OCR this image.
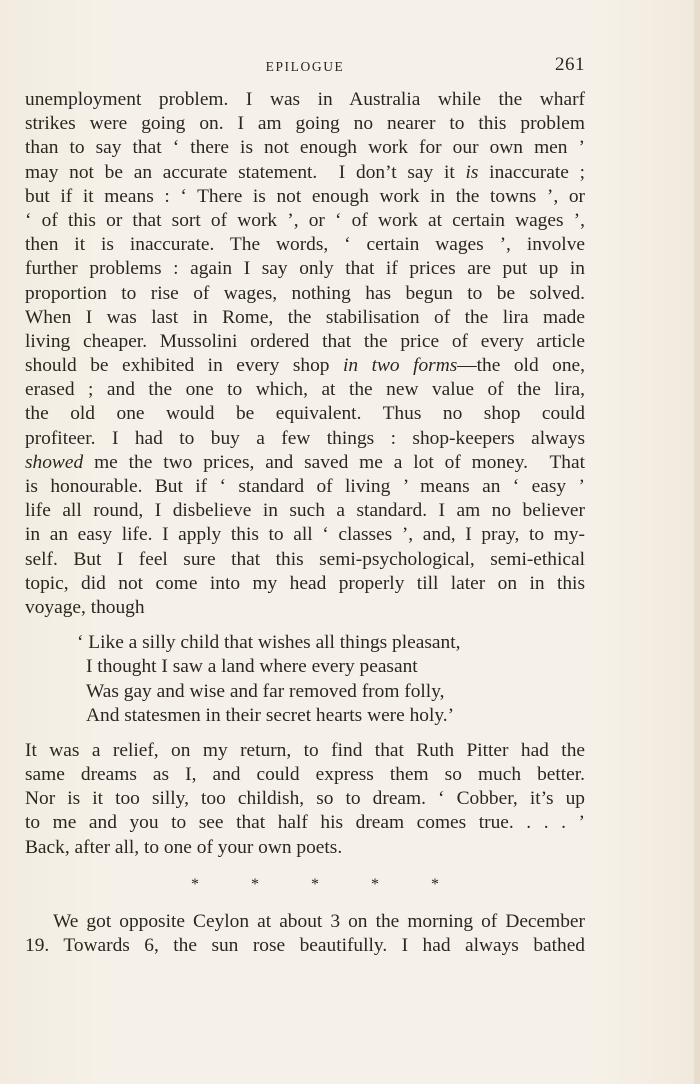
EPILOGUE	261
unemployment problem. I was in Australia while the wharf
strikes were going on. I am going no nearer to this problem
than to say that ‘ there is not enough work for our own men ’
may not be an accurate statement.  I don’t say it is inaccurate ;
but if it means : ‘ There is not enough work in the towns ’, or
‘ of this or that sort of work ’, or ‘ of work at certain wages ’,
then it is inaccurate. The words, ‘ certain wages ’, involve
further problems : again I say only that if prices are put up in
proportion to rise of wages, nothing has begun to be solved.
When I was last in Rome, the stabilisation of the lira made
living cheaper. Mussolini ordered that the price of every article
should be exhibited in every shop in two forms—the old one,
erased ; and the one to which, at the new value of the lira,
the old one would be equivalent. Thus no shop could
profiteer. I had to buy a few things : shop-keepers always
showed me the two prices, and saved me a lot of money.  That
is honourable. But if ‘ standard of living ’ means an ‘ easy ’
life all round, I disbelieve in such a standard. I am no believer
in an easy life. I apply this to all ‘ classes ’, and, I pray, to my-
self. But I feel sure that this semi-psychological, semi-ethical
topic, did not come into my head properly till later on in this
voyage, though
‘ Like a silly child that wishes all things pleasant,
I thought I saw a land where every peasant
Was gay and wise and far removed from folly,
And statesmen in their secret hearts were holy.’
It was a relief, on my return, to find that Ruth Pitter had the
same dreams as I, and could express them so much better.
Nor is it too silly, too childish, so to dream. ‘ Cobber, it’s up
to me and you to see that half his dream comes true. . . . ’
Back, after all, to one of your own poets.
*	*	*	*	*
We got opposite Ceylon at about 3 on the morning of December
19. Towards 6, the sun rose beautifully. I had always bathed
